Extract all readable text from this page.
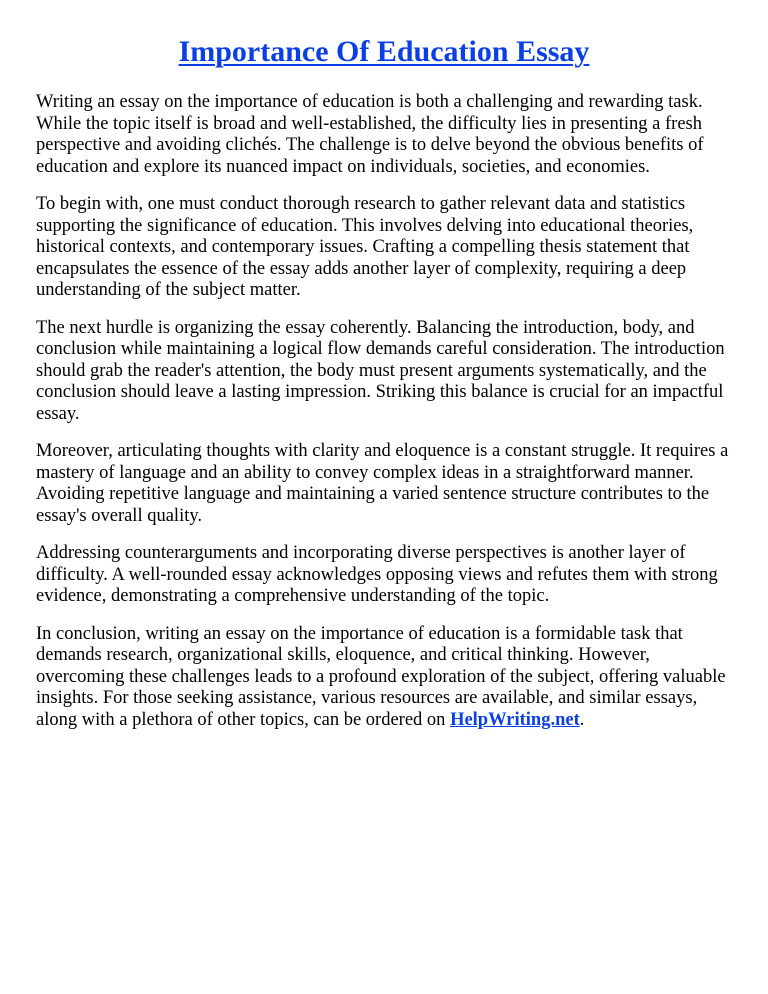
Importance Of Education Essay

Writing an essay on the importance of education is both a challenging and rewarding task. While the topic itself is broad and well-established, the difficulty lies in presenting a fresh perspective and avoiding clichés. The challenge is to delve beyond the obvious benefits of education and explore its nuanced impact on individuals, societies, and economies.

To begin with, one must conduct thorough research to gather relevant data and statistics supporting the significance of education. This involves delving into educational theories, historical contexts, and contemporary issues. Crafting a compelling thesis statement that encapsulates the essence of the essay adds another layer of complexity, requiring a deep understanding of the subject matter.

The next hurdle is organizing the essay coherently. Balancing the introduction, body, and conclusion while maintaining a logical flow demands careful consideration. The introduction should grab the reader's attention, the body must present arguments systematically, and the conclusion should leave a lasting impression. Striking this balance is crucial for an impactful essay.

Moreover, articulating thoughts with clarity and eloquence is a constant struggle. It requires a mastery of language and an ability to convey complex ideas in a straightforward manner. Avoiding repetitive language and maintaining a varied sentence structure contributes to the essay's overall quality.

Addressing counterarguments and incorporating diverse perspectives is another layer of difficulty. A well-rounded essay acknowledges opposing views and refutes them with strong evidence, demonstrating a comprehensive understanding of the topic.

In conclusion, writing an essay on the importance of education is a formidable task that demands research, organizational skills, eloquence, and critical thinking. However, overcoming these challenges leads to a profound exploration of the subject, offering valuable insights. For those seeking assistance, various resources are available, and similar essays, along with a plethora of other topics, can be ordered on HelpWriting.net.
